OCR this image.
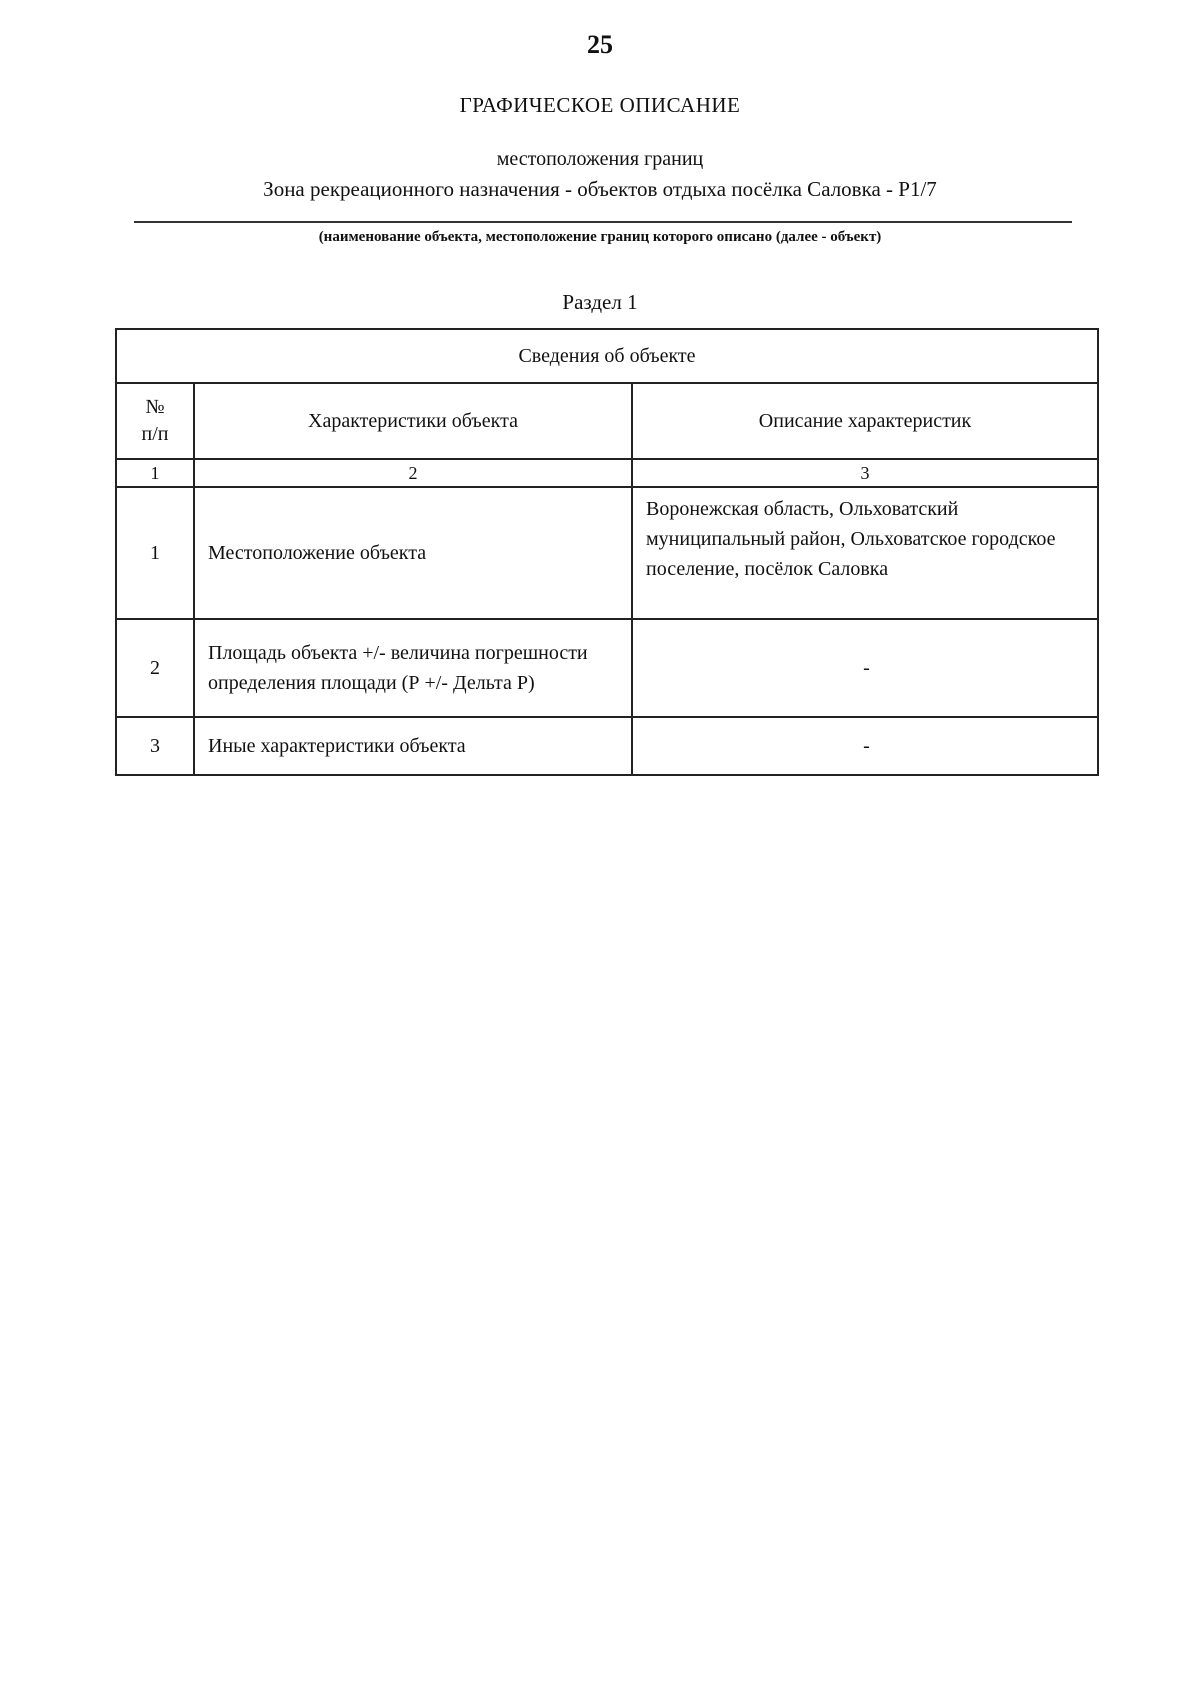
25
ГРАФИЧЕСКОЕ ОПИСАНИЕ
местоположения границ
Зона рекреационного назначения - объектов отдыха посёлка Саловка - Р1/7
(наименование объекта, местоположение границ которого описано (далее - объект)
Раздел 1
Сведения об объекте		
№ п/п	Характеристики объекта	Описание характеристик
1	2	3
1	Местоположение объекта	Воронежская область, Ольховатский муниципальный район, Ольховатское городское поселение, посёлок Саловка
2	Площадь объекта +/- величина погрешности определения площади (Р +/- Дельта Р)	-
3	Иные характеристики объекта	-
